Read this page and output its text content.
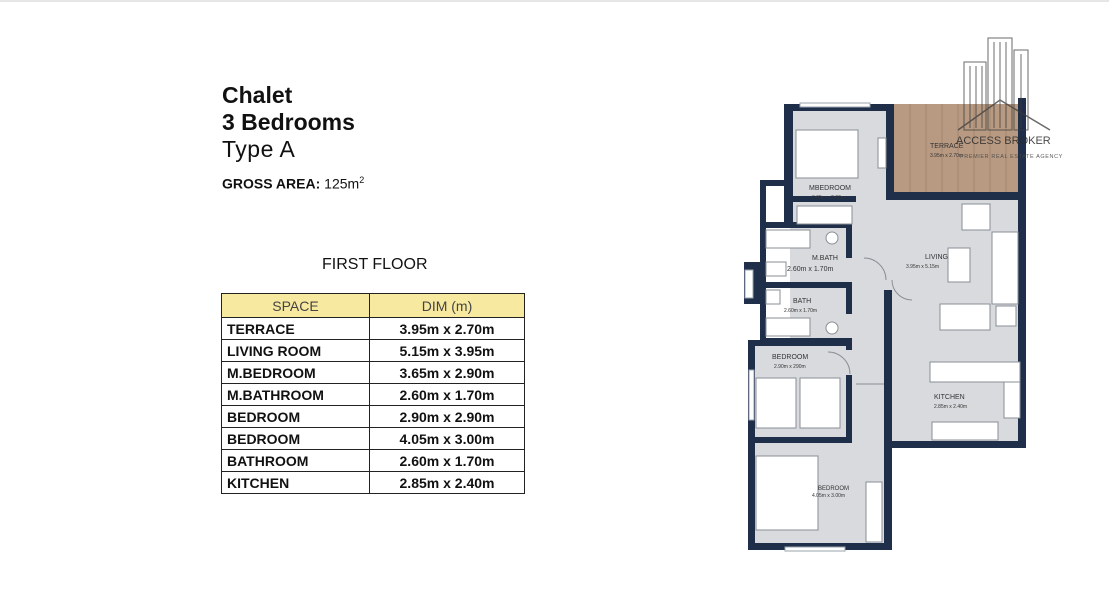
Chalet
3 Bedrooms
Type A
GROSS AREA: $125m^2$
FIRST FLOOR
SPACE	DIM (m)
TERRACE	3.95m x 2.70m
LIVING ROOM	5.15m x 3.95m
M.BEDROOM	3.65m x 2.90m
M.BATHROOM	2.60m x 1.70m
BEDROOM	2.90m x 2.90m
BEDROOM	4.05m x 3.00m
BATHROOM	2.60m x 1.70m
KITCHEN	2.85m x 2.40m
TERRACE
3.95m x 2.70m
MBEDROOM
3.65m x 2.90m
M.BATH
2.60m x 1.70m
BATH
2.60m x 1.70m
LIVING
3.95m x 5.15m
BEDROOM
2.90m x 290m
KITCHEN
2.85m x 2.40m
BEDROOM
4.05m x 3.00m
ACCESS BROKER
PREMIER REAL ESTATE AGENCY
